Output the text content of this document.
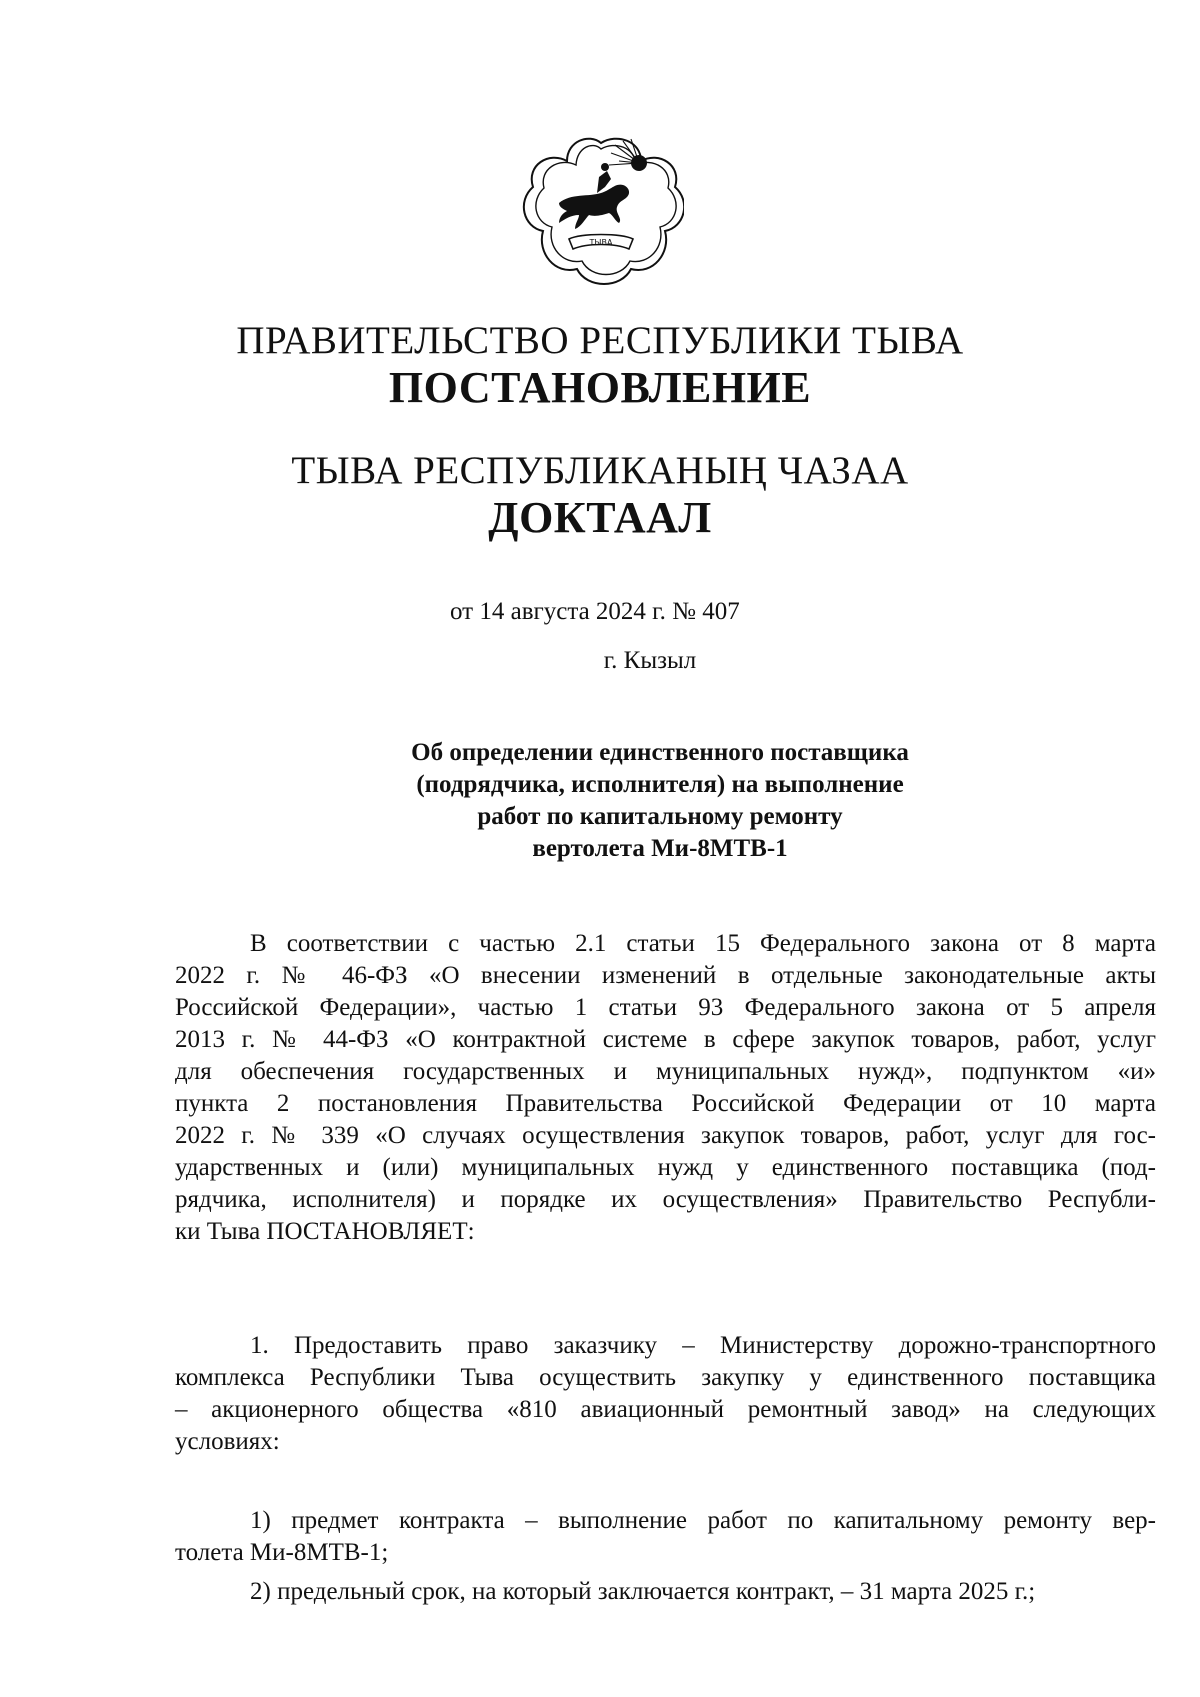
ТЫВА
ПРАВИТЕЛЬСТВО РЕСПУБЛИКИ ТЫВА
ПОСТАНОВЛЕНИЕ
ТЫВА РЕСПУБЛИКАНЫҢ ЧАЗАА
ДОКТААЛ
от 14 августа 2024 г. № 407
г. Кызыл
Об определении единственного поставщика
(подрядчика, исполнителя) на выполнение
работ по капитальному ремонту
вертолета Ми-8МТВ-1
В соответствии с частью 2.1 статьи 15 Федерального закона от 8 марта
2022 г. № 46-ФЗ «О внесении изменений в отдельные законодательные акты
Российской Федерации», частью 1 статьи 93 Федерального закона от 5 апреля
2013 г. № 44-ФЗ «О контрактной системе в сфере закупок товаров, работ, услуг
для обеспечения государственных и муниципальных нужд», подпунктом «и»
пункта 2 постановления Правительства Российской Федерации от 10 марта
2022 г. № 339 «О случаях осуществления закупок товаров, работ, услуг для гос-
ударственных и (или) муниципальных нужд у единственного поставщика (под-
рядчика, исполнителя) и порядке их осуществления» Правительство Республи-
ки Тыва ПОСТАНОВЛЯЕТ:
1. Предоставить право заказчику – Министерству дорожно-транспортного
комплекса Республики Тыва осуществить закупку у единственного поставщика
– акционерного общества «810 авиационный ремонтный завод» на следующих
условиях:
1) предмет контракта – выполнение работ по капитальному ремонту вер-
толета Ми-8МТВ-1;
2) предельный срок, на который заключается контракт, – 31 марта 2025 г.;
